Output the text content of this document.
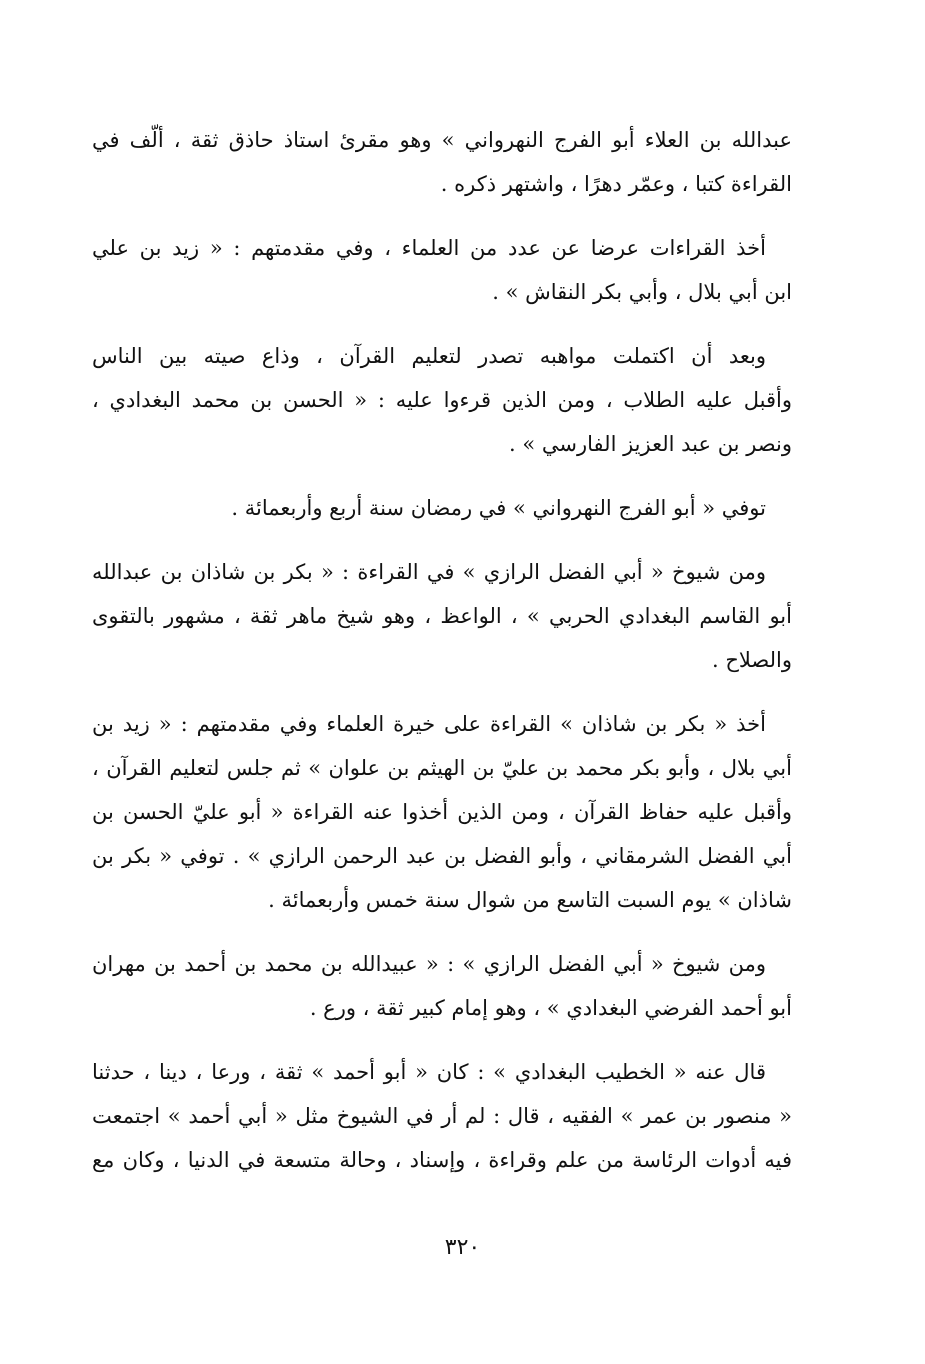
عبدالله بن العلاء أبو الفرج النهرواني » وهو مقرئ استاذ حاذق ثقة ، ألّف في
القراءة كتبا ، وعمّر دهرًا ، واشتهر ذكره .
أخذ القراءات عرضا عن عدد من العلماء ، وفي مقدمتهم : « زيد بن علي
ابن أبي بلال ، وأبي بكر النقاش » .
وبعد أن اكتملت مواهبه تصدر لتعليم القرآن ، وذاع صيته بين الناس
وأقبل عليه الطلاب ، ومن الذين قرءوا عليه : « الحسن بن محمد البغدادي ،
ونصر بن عبد العزيز الفارسي » .
توفي « أبو الفرج النهرواني » في رمضان سنة أربع وأربعمائة .
ومن شيوخ « أبي الفضل الرازي » في القراءة : « بكر بن شاذان بن عبدالله
أبو القاسم البغدادي الحربي » ، الواعظ ، وهو شيخ ماهر ثقة ، مشهور بالتقوى
والصلاح .
أخذ « بكر بن شاذان » القراءة على خيرة العلماء وفي مقدمتهم : « زيد بن
أبي بلال ، وأبو بكر محمد بن عليّ بن الهيثم بن علوان » ثم جلس لتعليم القرآن ،
وأقبل عليه حفاظ القرآن ، ومن الذين أخذوا عنه القراءة « أبو عليّ الحسن بن
أبي الفضل الشرمقاني ، وأبو الفضل بن عبد الرحمن الرازي » . توفي « بكر بن
شاذان » يوم السبت التاسع من شوال سنة خمس وأربعمائة .
ومن شيوخ « أبي الفضل الرازي » : « عبيدالله بن محمد بن أحمد بن مهران
أبو أحمد الفرضي البغدادي » ، وهو إمام كبير ثقة ، ورع .
قال عنه « الخطيب البغدادي » : كان « أبو أحمد » ثقة ، ورعا ، دينا ، حدثنا
« منصور بن عمر » الفقيه ، قال : لم أر في الشيوخ مثل « أبي أحمد » اجتمعت
فيه أدوات الرئاسة من علم وقراءة ، وإسناد ، وحالة متسعة في الدنيا ، وكان مع
٣٢٠
